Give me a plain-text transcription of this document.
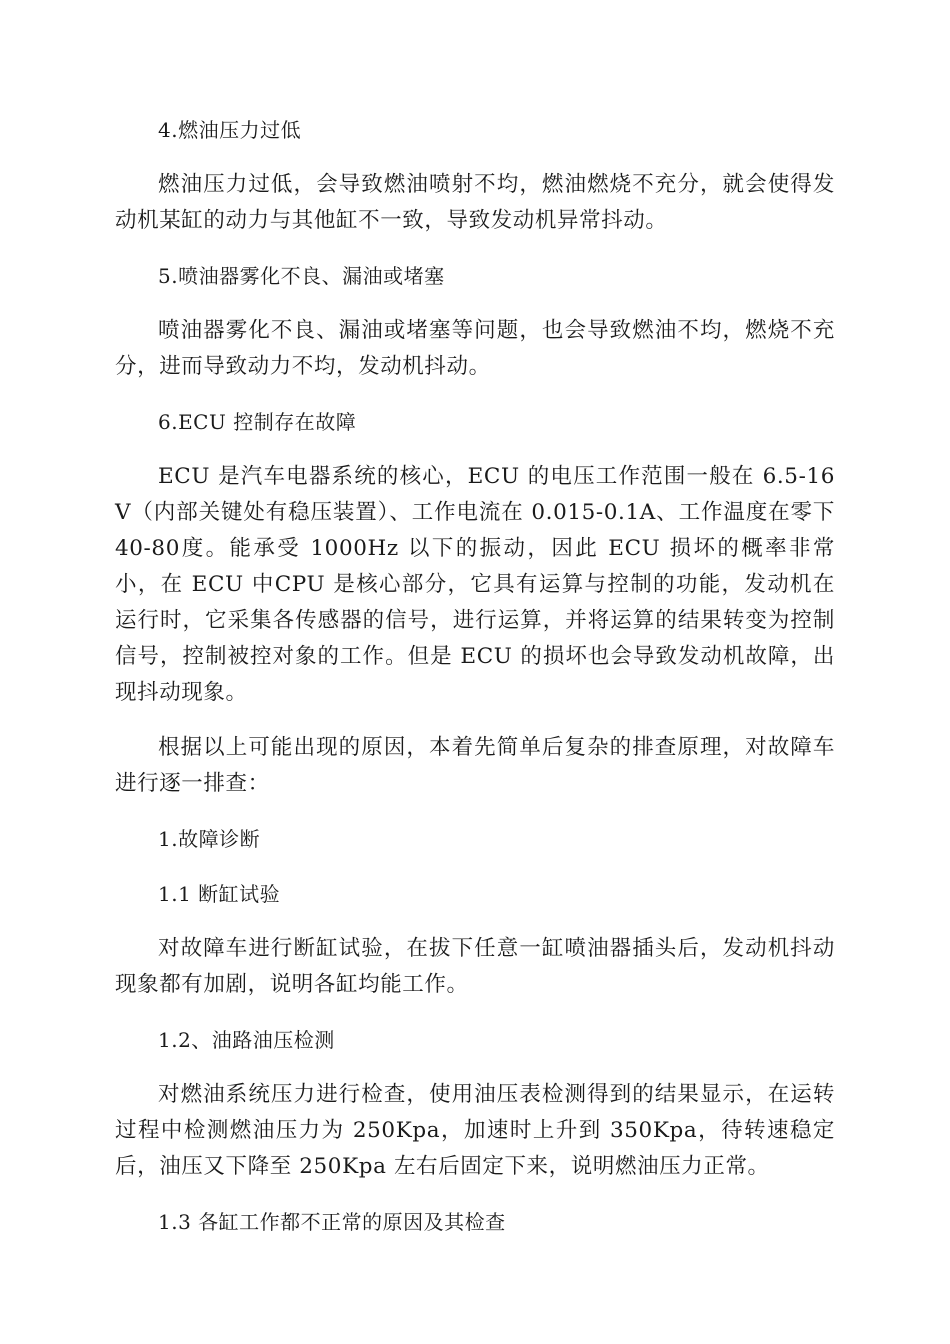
4.燃油压力过低

燃油压力过低，会导致燃油喷射不均，燃油燃烧不充分，就会使得发动机某缸的动力与其他缸不一致，导致发动机异常抖动。

5.喷油器雾化不良、漏油或堵塞

喷油器雾化不良、漏油或堵塞等问题，也会导致燃油不均，燃烧不充分，进而导致动力不均，发动机抖动。

6.ECU 控制存在故障

ECU 是汽车电器系统的核心，ECU 的电压工作范围一般在 6.5-16V（内部关键处有稳压装置）、工作电流在 0.015-0.1A、工作温度在零下 40-80度。能承受 1000Hz 以下的振动，因此 ECU 损坏的概率非常小，在 ECU 中CPU 是核心部分，它具有运算与控制的功能，发动机在运行时，它采集各传感器的信号，进行运算，并将运算的结果转变为控制信号，控制被控对象的工作。但是 ECU 的损坏也会导致发动机故障，出现抖动现象。

根据以上可能出现的原因，本着先简单后复杂的排查原理，对故障车进行逐一排查：

1.故障诊断

1.1 断缸试验

对故障车进行断缸试验，在拔下任意一缸喷油器插头后，发动机抖动现象都有加剧，说明各缸均能工作。

1.2、油路油压检测

对燃油系统压力进行检查，使用油压表检测得到的结果显示，在运转过程中检测燃油压力为 250Kpa，加速时上升到 350Kpa，待转速稳定后，油压又下降至 250Kpa 左右后固定下来，说明燃油压力正常。

1.3 各缸工作都不正常的原因及其检查
